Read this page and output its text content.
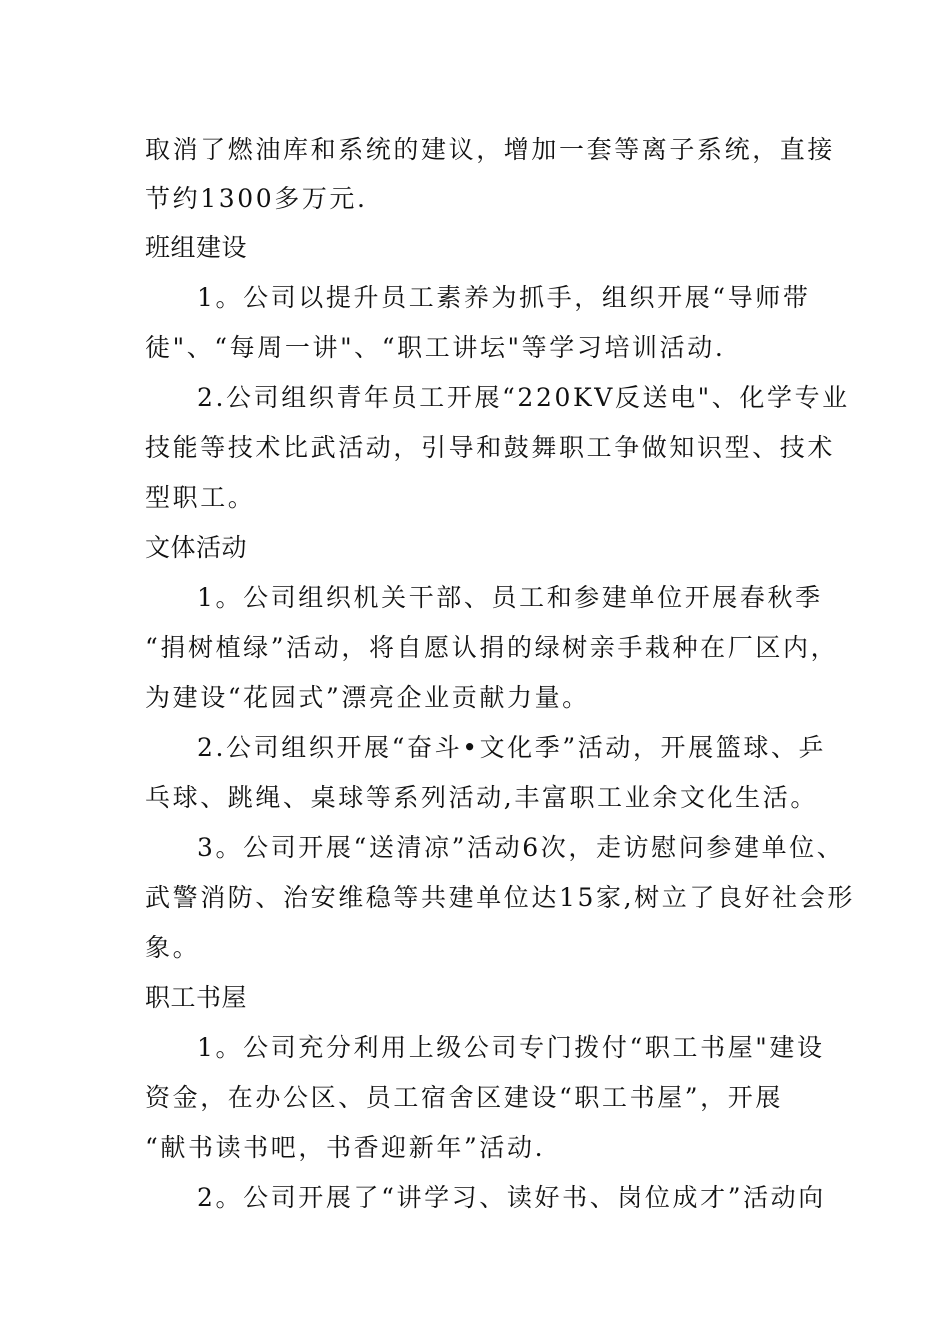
取消了燃油库和系统的建议，增加一套等离子系统，直接
节约1300多万元.
班组建设
1。公司以提升员工素养为抓手，组织开展“导师带
徒"、“每周一讲"、“职工讲坛"等学习培训活动.
2.公司组织青年员工开展“220KV反送电"、化学专业
技能等技术比武活动，引导和鼓舞职工争做知识型、技术
型职工。
文体活动
1。公司组织机关干部、员工和参建单位开展春秋季
“捐树植绿”活动，将自愿认捐的绿树亲手栽种在厂区内，
为建设“花园式”漂亮企业贡献力量。
2.公司组织开展“奋斗•文化季”活动，开展篮球、乒
乓球、跳绳、桌球等系列活动,丰富职工业余文化生活。
3。公司开展“送清凉”活动6次，走访慰问参建单位、
武警消防、治安维稳等共建单位达15家,树立了良好社会形
象。
职工书屋
1。公司充分利用上级公司专门拨付“职工书屋"建设
资金，在办公区、员工宿舍区建设“职工书屋”，开展
“献书读书吧，书香迎新年”活动.
2。公司开展了“讲学习、读好书、岗位成才”活动向
